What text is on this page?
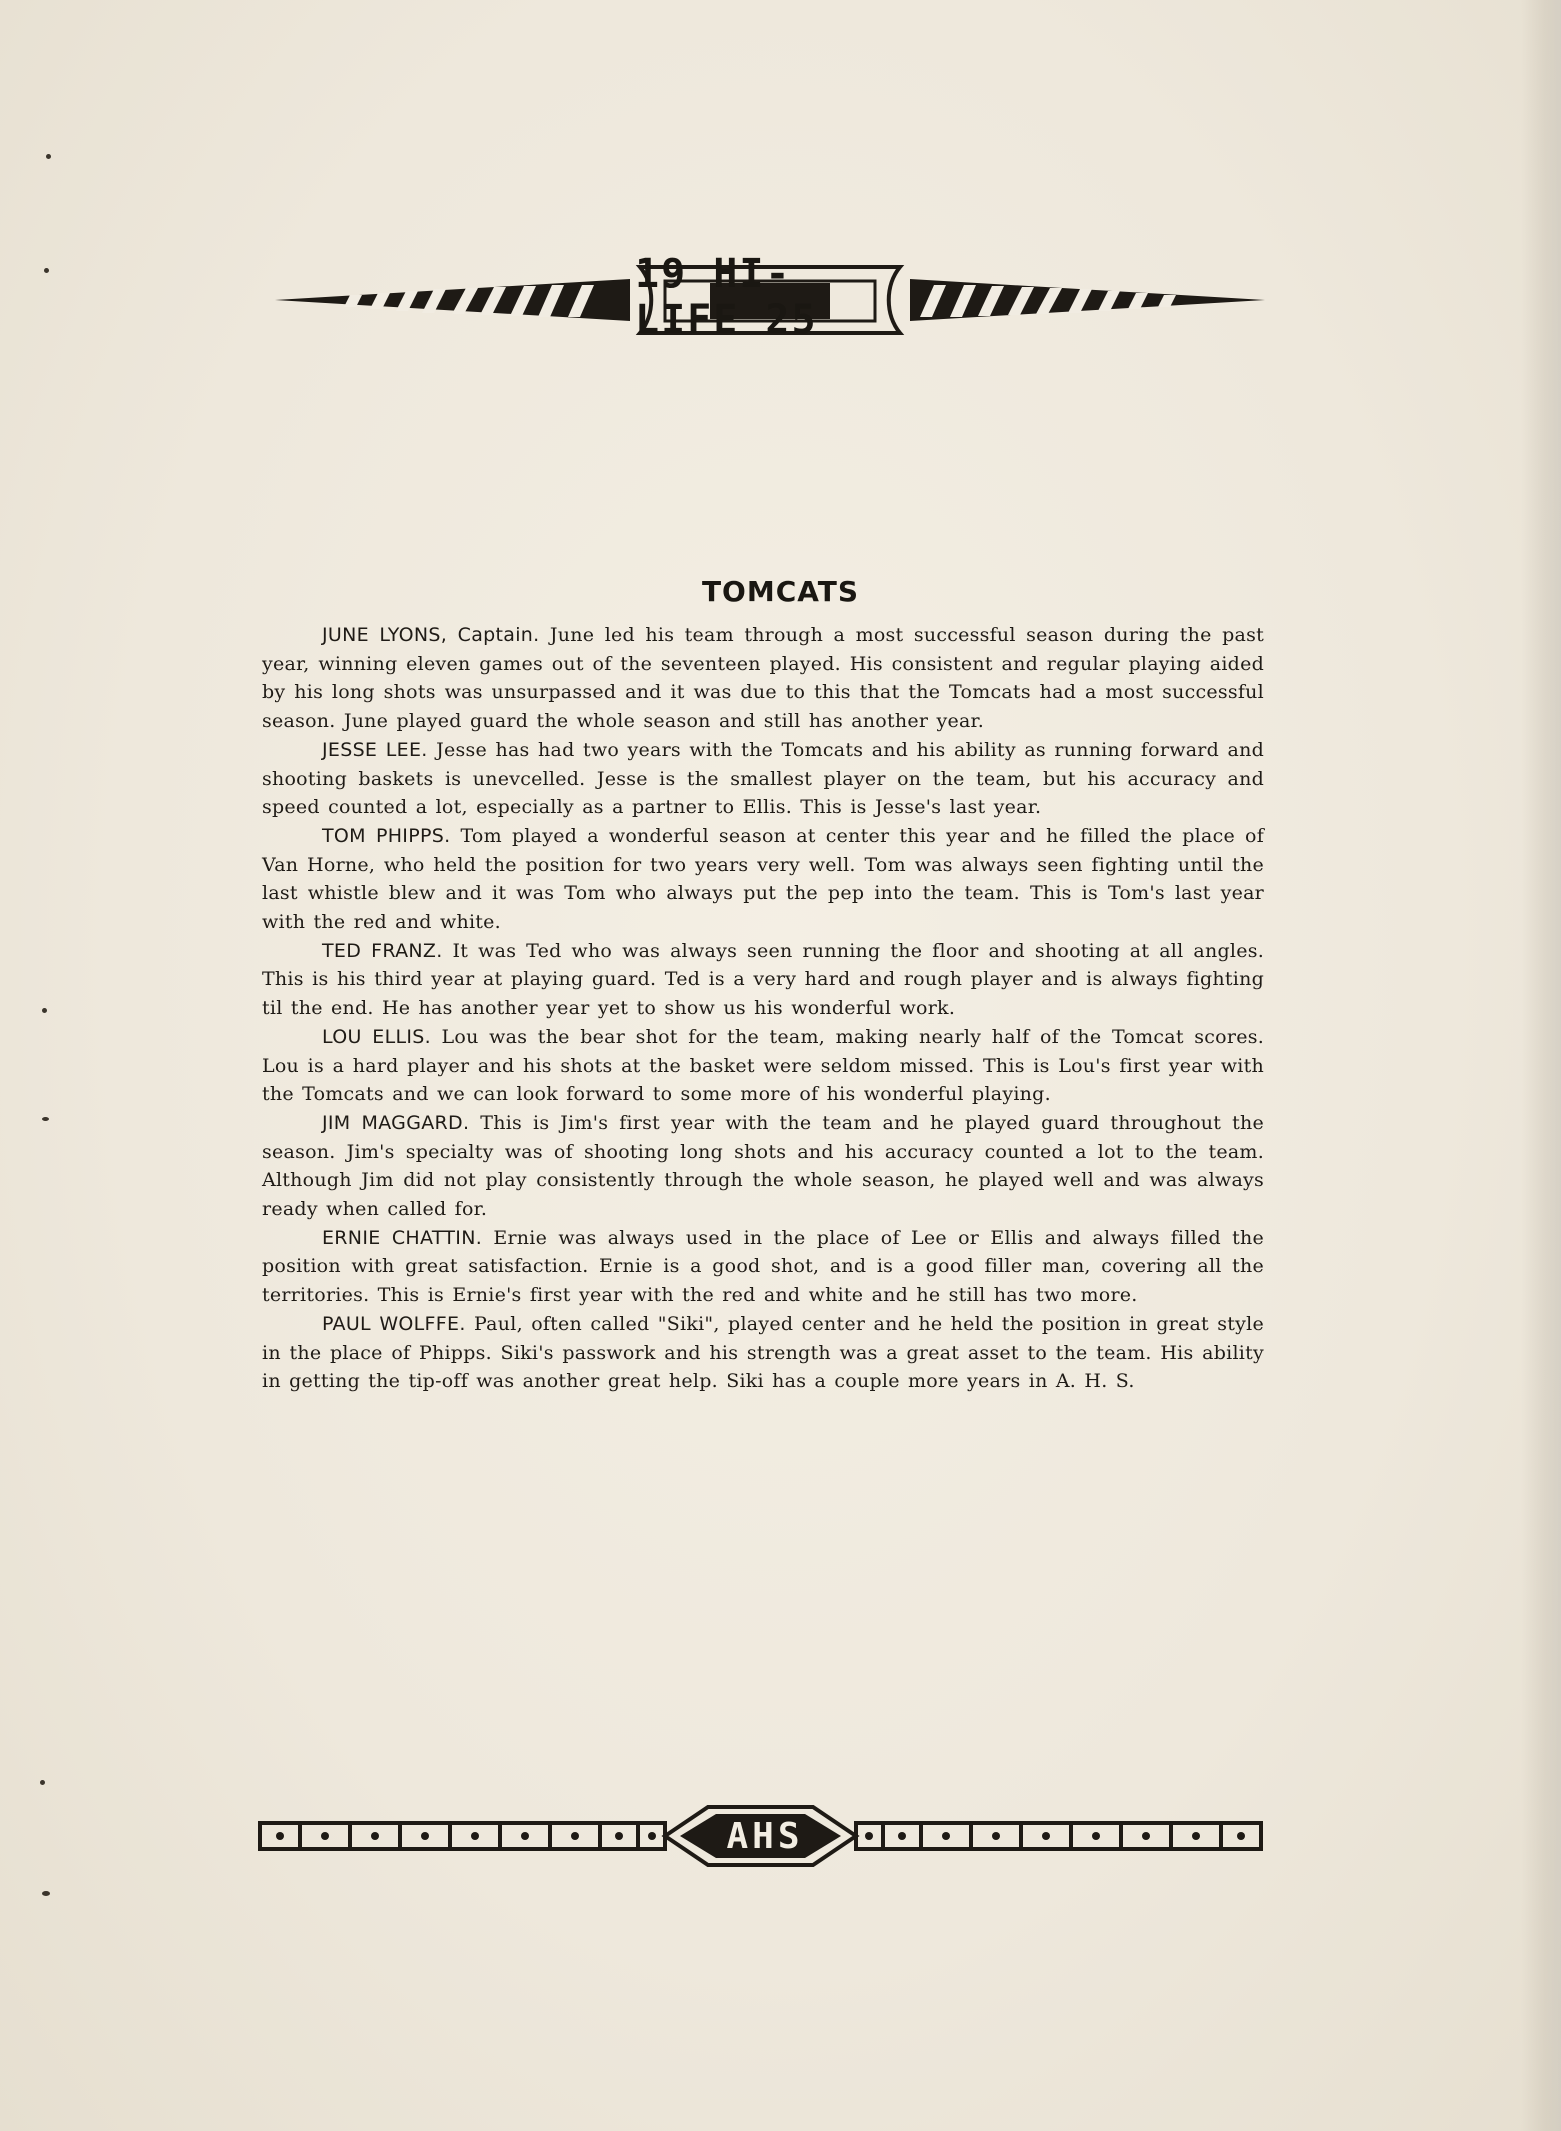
19 HI-LIFE 25
TOMCATS

JUNE LYONS, Captain. June led his team through a most successful season during the past year, winning eleven games out of the seventeen played. His consistent and regular playing aided by his long shots was unsurpassed and it was due to this that the Tomcats had a most successful season. June played guard the whole season and still has another year.

JESSE LEE. Jesse has had two years with the Tomcats and his ability as running forward and shooting baskets is unevcelled. Jesse is the smallest player on the team, but his accuracy and speed counted a lot, especially as a partner to Ellis. This is Jesse's last year.

TOM PHIPPS. Tom played a wonderful season at center this year and he filled the place of Van Horne, who held the position for two years very well. Tom was always seen fighting until the last whistle blew and it was Tom who always put the pep into the team. This is Tom's last year with the red and white.

TED FRANZ. It was Ted who was always seen running the floor and shooting at all angles. This is his third year at playing guard. Ted is a very hard and rough player and is always fighting til the end. He has another year yet to show us his wonderful work.

LOU ELLIS. Lou was the bear shot for the team, making nearly half of the Tomcat scores. Lou is a hard player and his shots at the basket were seldom missed. This is Lou's first year with the Tomcats and we can look forward to some more of his wonderful playing.

JIM MAGGARD. This is Jim's first year with the team and he played guard throughout the season. Jim's specialty was of shooting long shots and his accuracy counted a lot to the team. Although Jim did not play consistently through the whole season, he played well and was always ready when called for.

ERNIE CHATTIN. Ernie was always used in the place of Lee or Ellis and always filled the position with great satisfaction. Ernie is a good shot, and is a good filler man, covering all the territories. This is Ernie's first year with the red and white and he still has two more.

PAUL WOLFFE. Paul, often called "Siki", played center and he held the position in great style in the place of Phipps. Siki's passwork and his strength was a great asset to the team. His ability in getting the tip-off was another great help. Siki has a couple more years in A. H. S.

AHS
